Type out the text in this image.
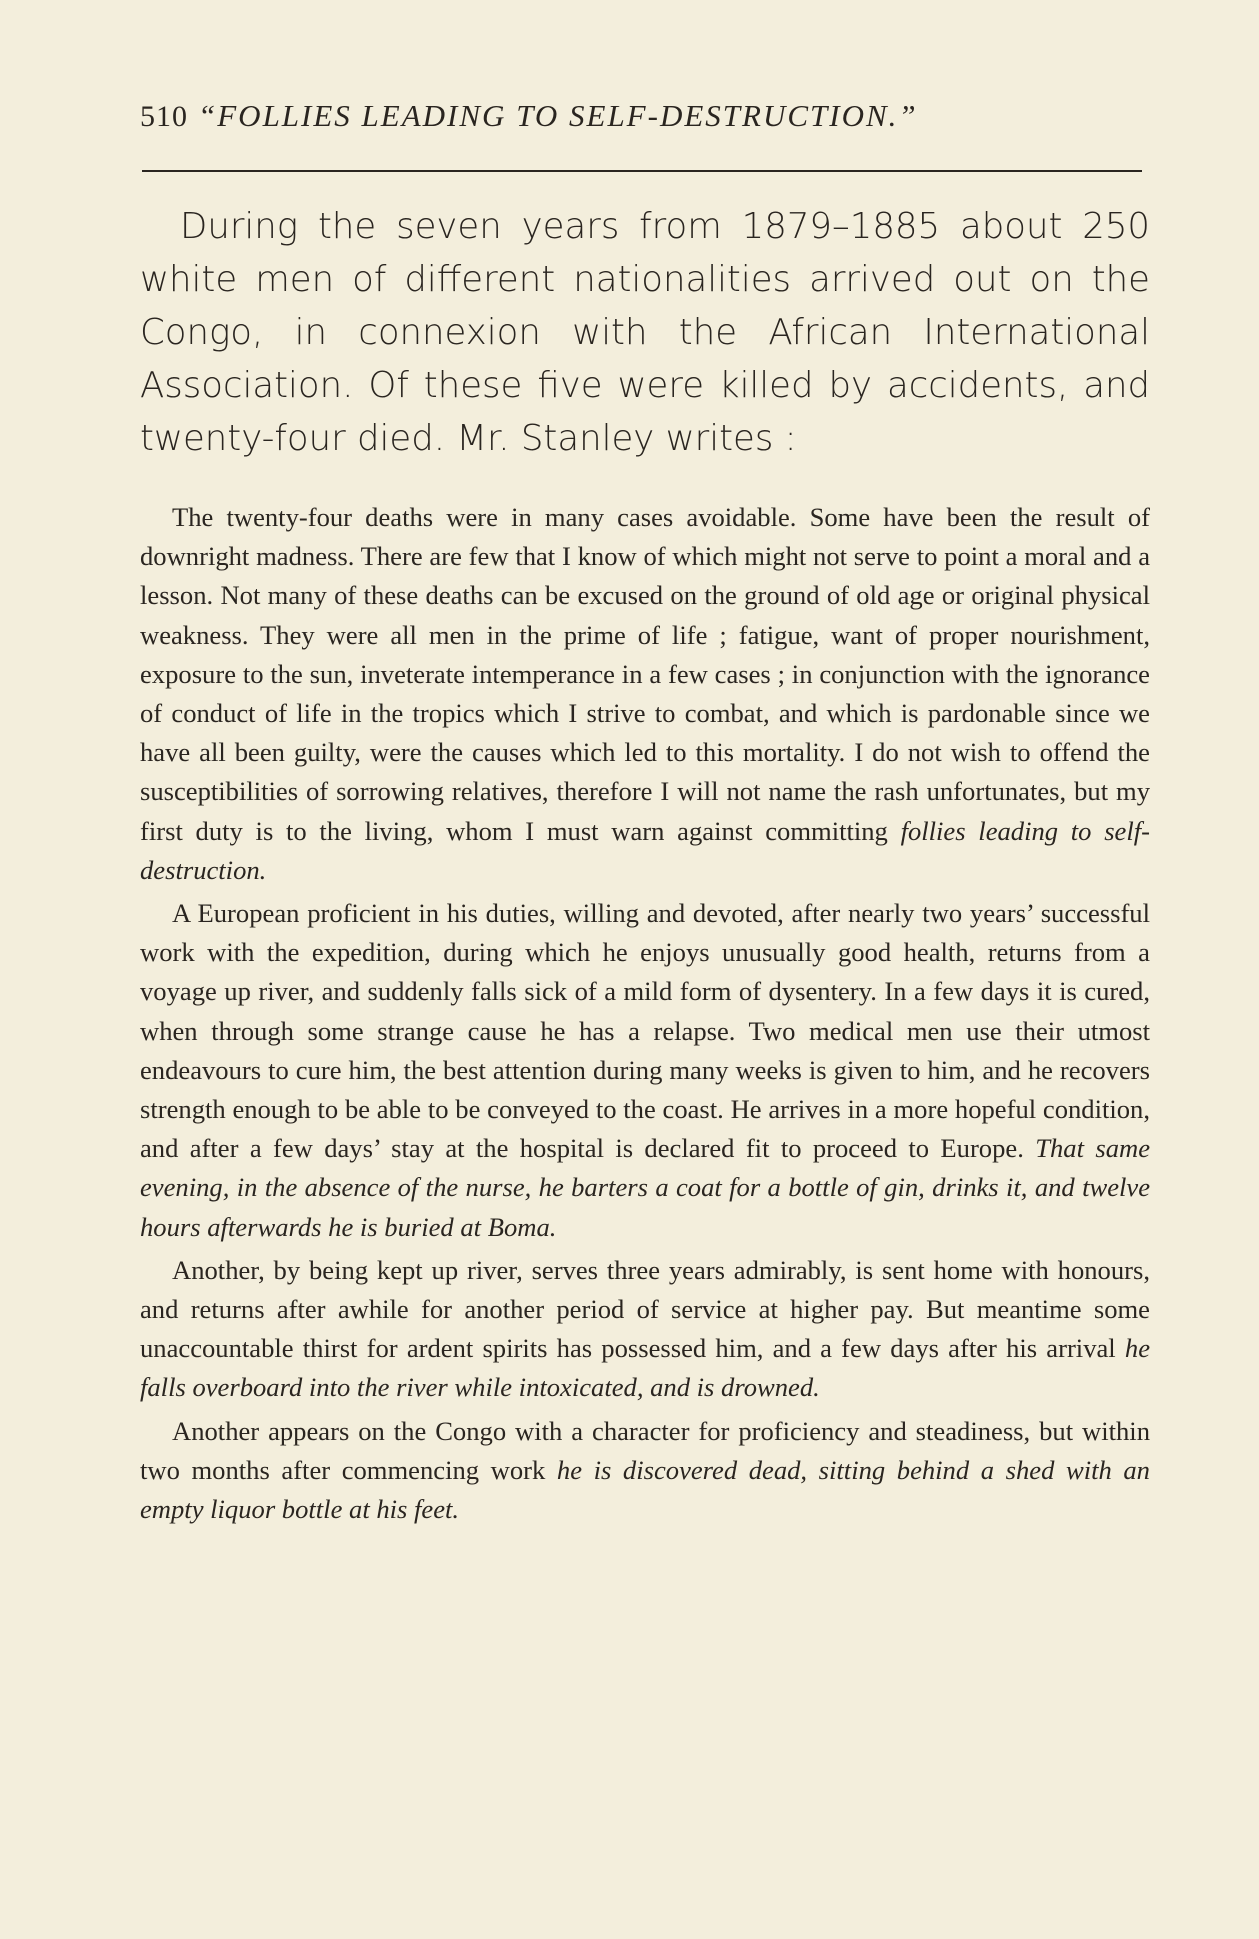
510 “FOLLIES LEADING TO SELF-DESTRUCTION.”
During the seven years from 1879–1885 about 250 white men of different nationalities arrived out on the Congo, in connexion with the African International Association. Of these five were killed by accidents, and twenty-four died. Mr. Stanley writes :

The twenty-four deaths were in many cases avoidable. Some have been the result of downright madness. There are few that I know of which might not serve to point a moral and a lesson. Not many of these deaths can be excused on the ground of old age or original physical weakness. They were all men in the prime of life ; fatigue, want of proper nourishment, exposure to the sun, inveterate intemperance in a few cases ; in conjunction with the ignorance of conduct of life in the tropics which I strive to combat, and which is pardonable since we have all been guilty, were the causes which led to this mortality. I do not wish to offend the susceptibilities of sorrowing relatives, therefore I will not name the rash unfortunates, but my first duty is to the living, whom I must warn against committing follies leading to self-destruction.

A European proficient in his duties, willing and devoted, after nearly two years’ successful work with the expedition, during which he enjoys unusually good health, returns from a voyage up river, and suddenly falls sick of a mild form of dysentery. In a few days it is cured, when through some strange cause he has a relapse. Two medical men use their utmost endeavours to cure him, the best attention during many weeks is given to him, and he recovers strength enough to be able to be conveyed to the coast. He arrives in a more hopeful condition, and after a few days’ stay at the hospital is declared fit to proceed to Europe. That same evening, in the absence of the nurse, he barters a coat for a bottle of gin, drinks it, and twelve hours afterwards he is buried at Boma.

Another, by being kept up river, serves three years admirably, is sent home with honours, and returns after awhile for another period of service at higher pay. But meantime some unaccountable thirst for ardent spirits has possessed him, and a few days after his arrival he falls overboard into the river while intoxicated, and is drowned.

Another appears on the Congo with a character for proficiency and steadiness, but within two months after commencing work he is discovered dead, sitting behind a shed with an empty liquor bottle at his feet.
